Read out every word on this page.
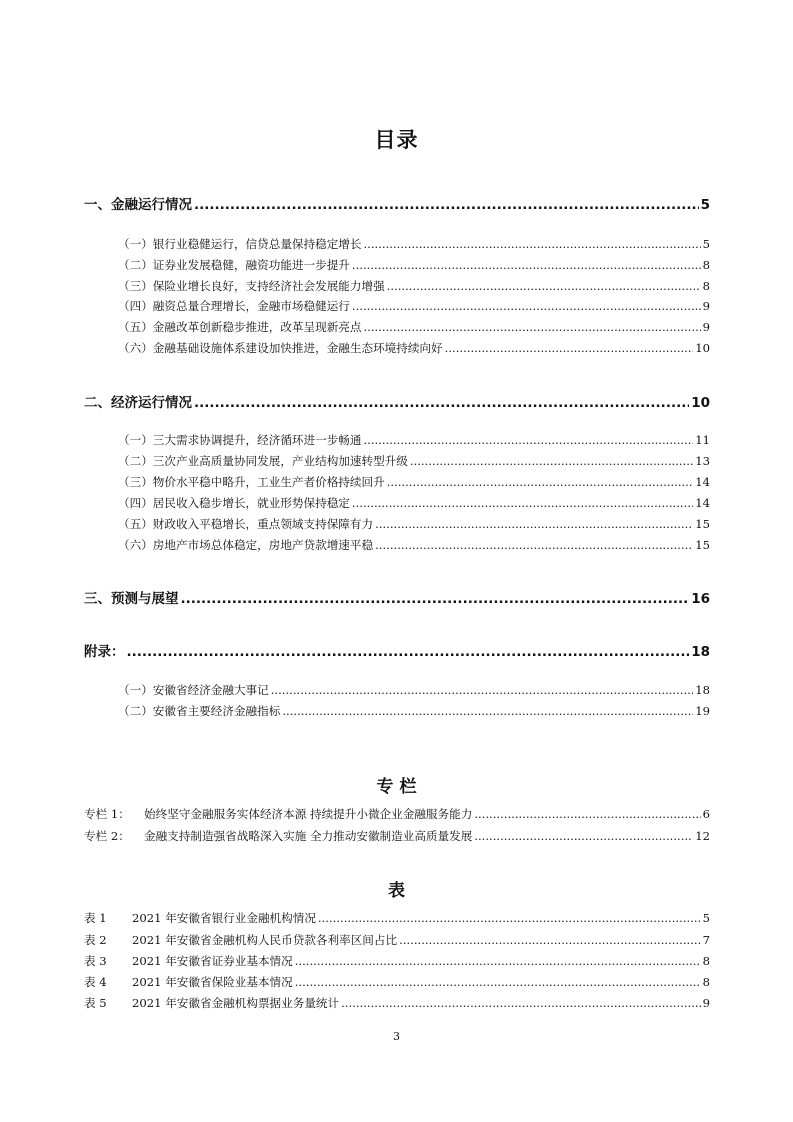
目录
一、金融运行情况 .....	5
（一）银行业稳健运行，信贷总量保持稳定增长 .....	5
（二）证券业发展稳健，融资功能进一步提升 .....	8
（三）保险业增长良好，支持经济社会发展能力增强 .....	8
（四）融资总量合理增长，金融市场稳健运行 .....	9
（五）金融改革创新稳步推进，改革呈现新亮点 .....	9
（六）金融基础设施体系建设加快推进，金融生态环境持续向好 .....	10
二、经济运行情况 .....	10
（一）三大需求协调提升，经济循环进一步畅通 .....	11
（二）三次产业高质量协同发展，产业结构加速转型升级 .....	13
（三）物价水平稳中略升，工业生产者价格持续回升 .....	14
（四）居民收入稳步增长，就业形势保持稳定 .....	14
（五）财政收入平稳增长，重点领域支持保障有力 .....	15
（六）房地产市场总体稳定，房地产贷款增速平稳 .....	15
三、预测与展望 .....	16
附录： .....	18
（一）安徽省经济金融大事记 .....	18
（二）安徽省主要经济金融指标 .....	19
专 栏
专栏 1：	始终坚守金融服务实体经济本源 持续提升小微企业金融服务能力 .....	6
专栏 2：	金融支持制造强省战略深入实施 全力推动安徽制造业高质量发展 .....	12
表
表 1	2021 年安徽省银行业金融机构情况 .....	5
表 2	2021 年安徽省金融机构人民币贷款各利率区间占比 .....	7
表 3	2021 年安徽省证券业基本情况 .....	8
表 4	2021 年安徽省保险业基本情况 .....	8
表 5	2021 年安徽省金融机构票据业务量统计 .....	9
3
